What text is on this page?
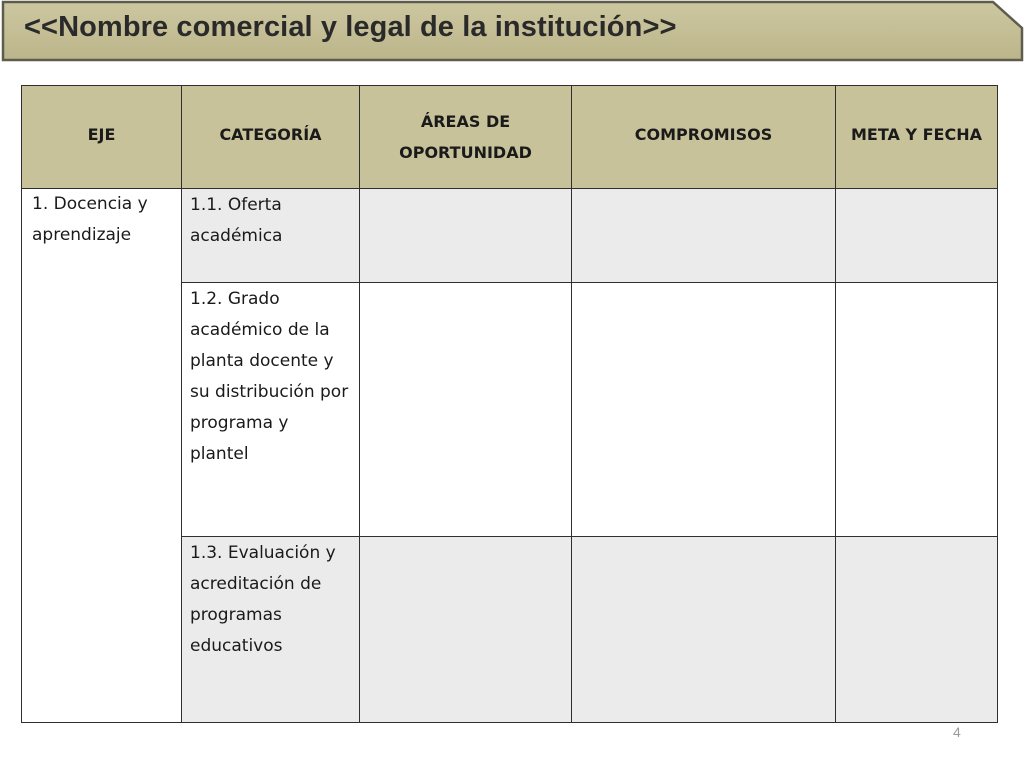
<<Nombre comercial y legal de la institución>>
EJE	CATEGORÍA	ÁREAS DE OPORTUNIDAD	COMPROMISOS	META Y FECHA
1. Docencia y aprendizaje	1.1. Oferta académica			
	1.2. Grado académico de la planta docente y su distribución por programa y plantel			
	1.3. Evaluación y acreditación de programas educativos			
4
